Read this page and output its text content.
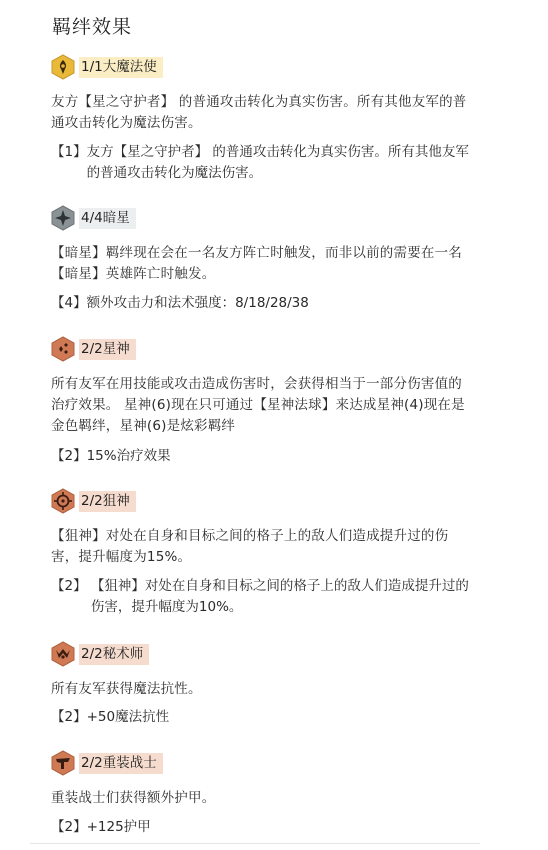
羁绊效果
1/1大魔法使

友方【星之守护者】 的普通攻击转化为真实伤害。所有其他友军的普通攻击转化为魔法伤害。

【1】 友方【星之守护者】 的普通攻击转化为真实伤害。所有其他友军的普通攻击转化为魔法伤害。
4/4暗星

【暗星】羁绊现在会在一名友方阵亡时触发，而非以前的需要在一名【暗星】英雄阵亡时触发。

【4】 额外攻击力和法术强度：8/18/28/38
2/2星神

所有友军在用技能或攻击造成伤害时，会获得相当于一部分伤害值的治疗效果。 星神(6)现在只可通过【星神法球】来达成星神(4)现在是金色羁绊，星神(6)是炫彩羁绊

【2】 15%治疗效果
2/2狙神

【狙神】对处在自身和目标之间的格子上的敌人们造成提升过的伤害，提升幅度为15%。

【2】 【狙神】对处在自身和目标之间的格子上的敌人们造成提升过的伤害，提升幅度为10%。
2/2秘术师

所有友军获得魔法抗性。

【2】 +50魔法抗性
2/2重装战士

重装战士们获得额外护甲。

【2】 +125护甲
